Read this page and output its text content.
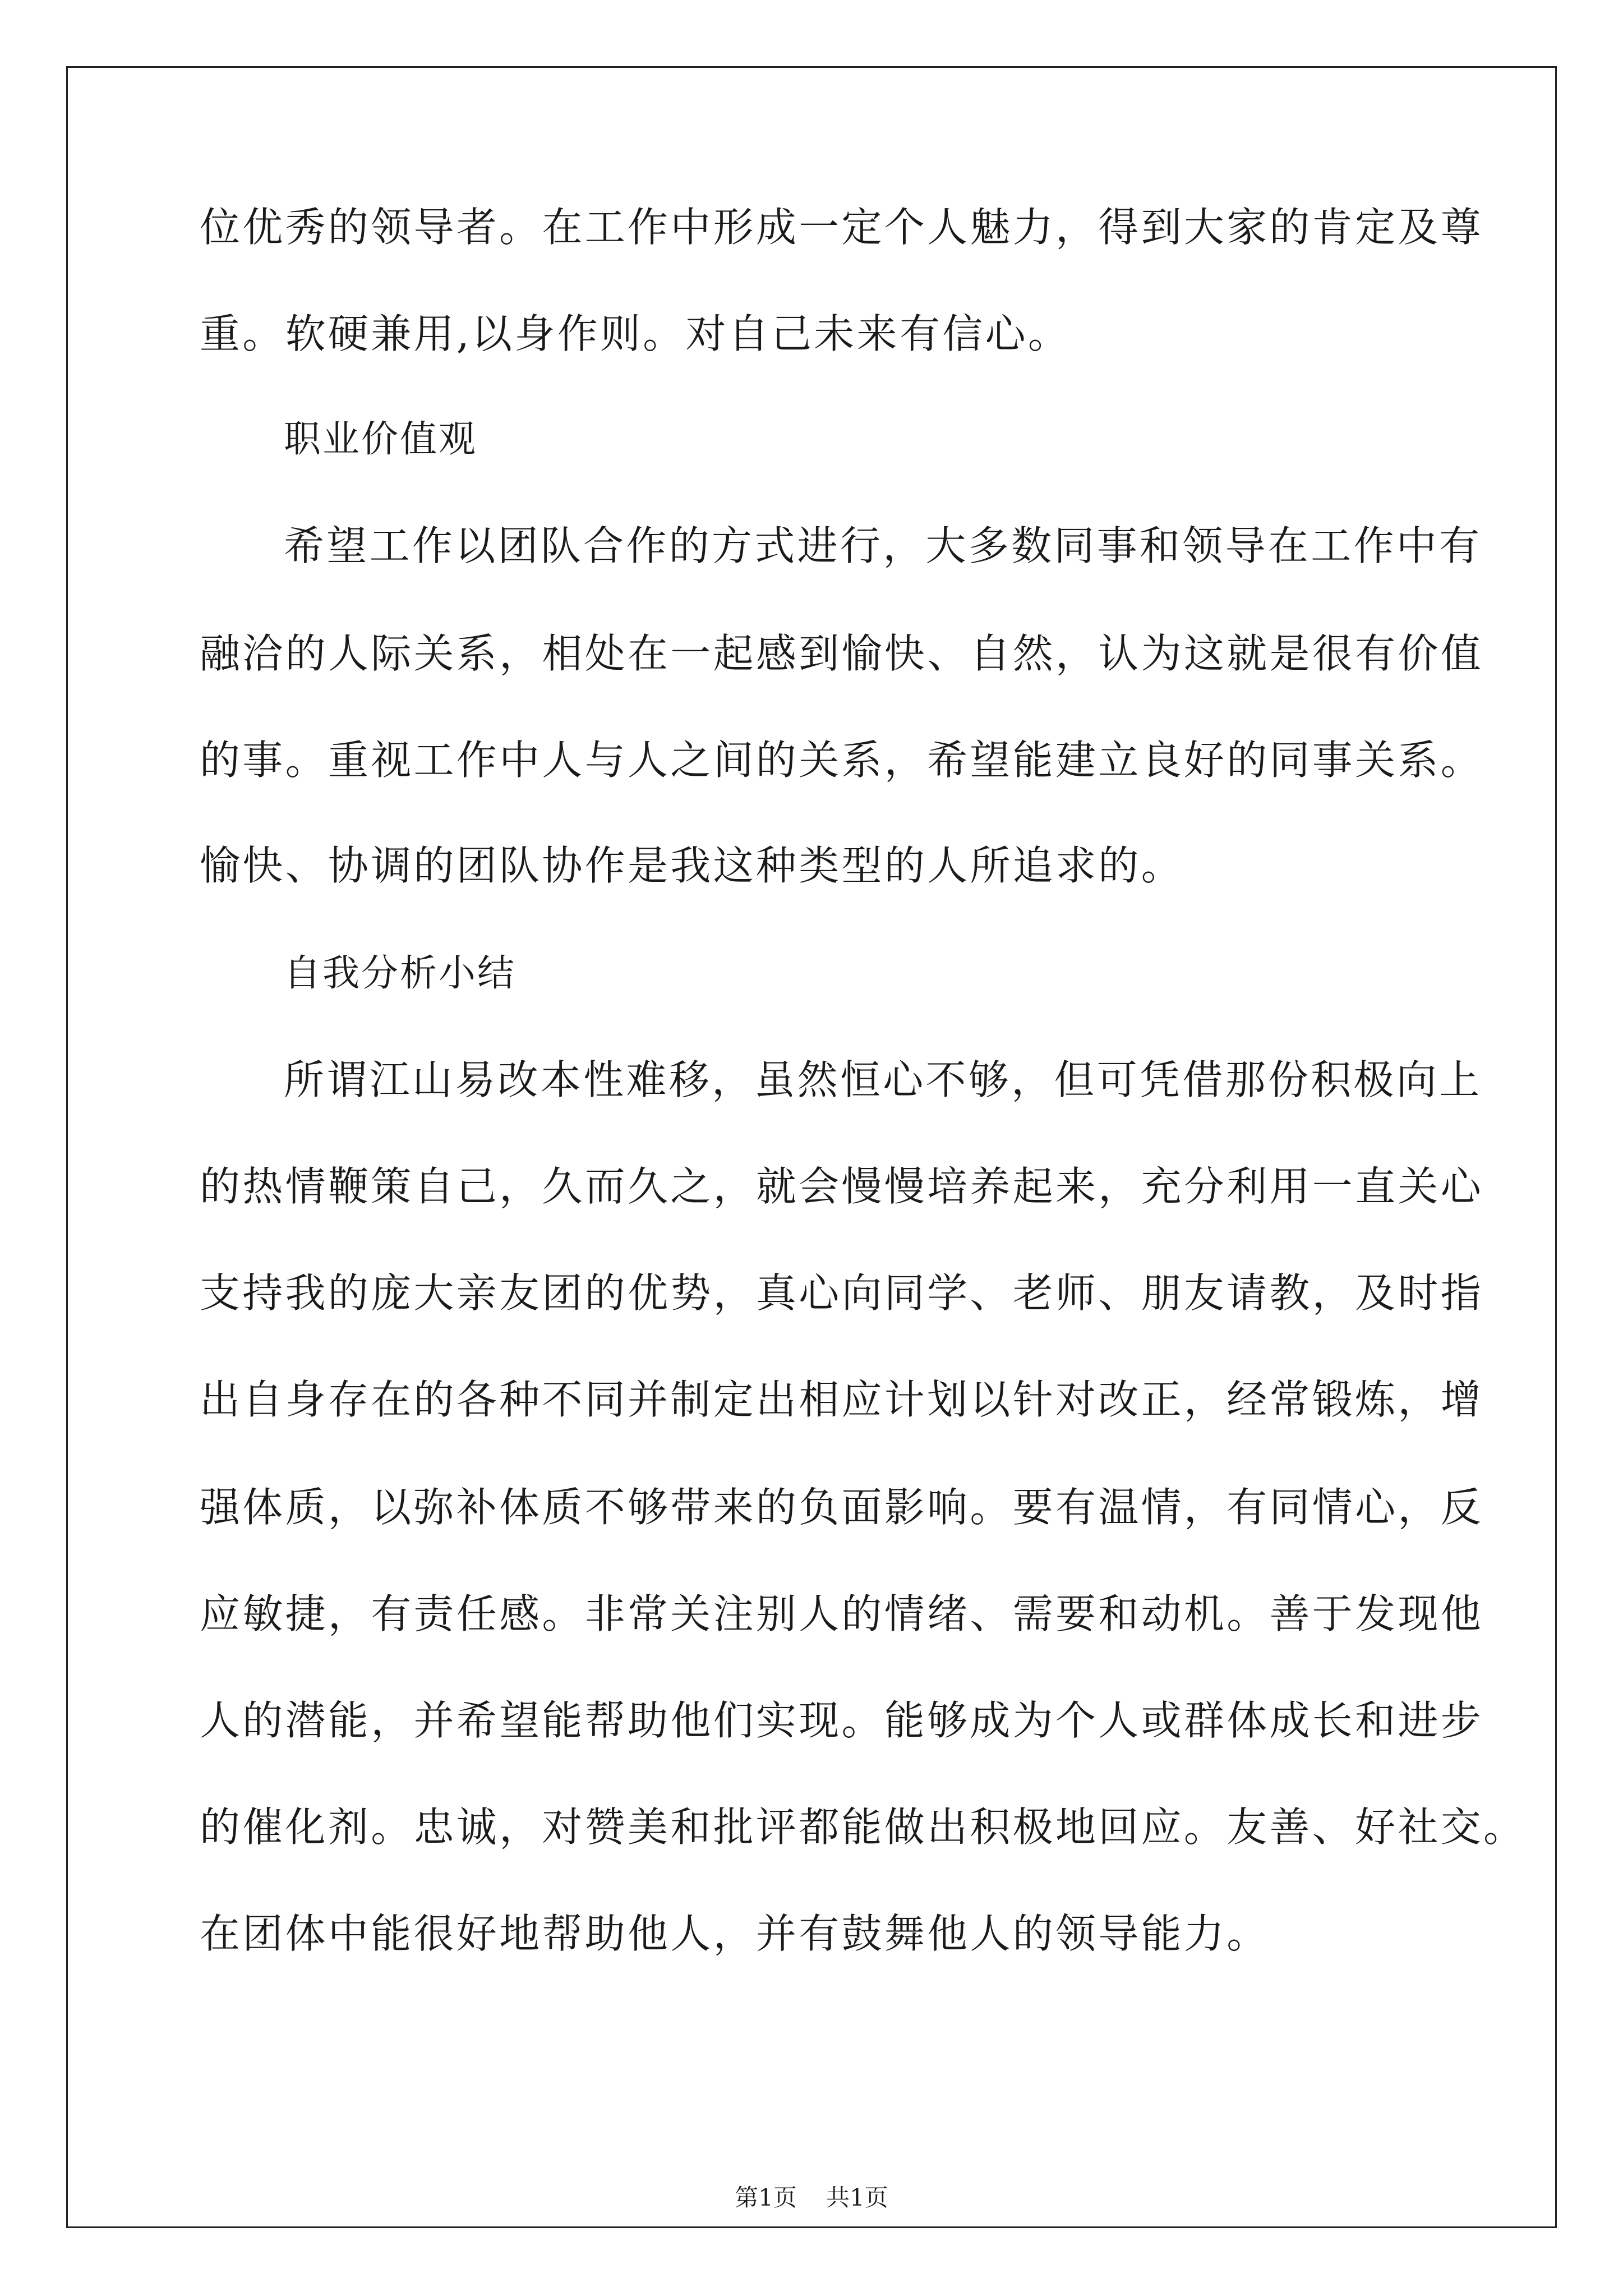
位优秀的领导者。在工作中形成一定个人魅力，得到大家的肯定及尊
重。软硬兼用,以身作则。对自己未来有信心。
职业价值观
希望工作以团队合作的方式进行，大多数同事和领导在工作中有
融洽的人际关系，相处在一起感到愉快、自然，认为这就是很有价值
的事。重视工作中人与人之间的关系，希望能建立良好的同事关系。
愉快、协调的团队协作是我这种类型的人所追求的。
自我分析小结
所谓江山易改本性难移，虽然恒心不够，但可凭借那份积极向上
的热情鞭策自己，久而久之，就会慢慢培养起来，充分利用一直关心
支持我的庞大亲友团的优势，真心向同学、老师、朋友请教，及时指
出自身存在的各种不同并制定出相应计划以针对改正，经常锻炼，增
强体质，以弥补体质不够带来的负面影响。要有温情，有同情心，反
应敏捷，有责任感。非常关注别人的情绪、需要和动机。善于发现他
人的潜能，并希望能帮助他们实现。能够成为个人或群体成长和进步
的催化剂。忠诚，对赞美和批评都能做出积极地回应。友善、好社交。
在团体中能很好地帮助他人，并有鼓舞他人的领导能力。
第1页 共1页
